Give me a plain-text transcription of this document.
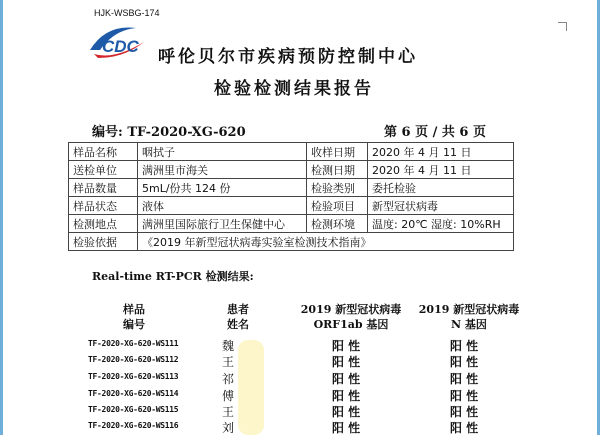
HJK-WSBG-174
CDC
呼伦贝尔市疾病预防控制中心
检验检测结果报告
编号: TF-2020-XG-620	第 6 页 / 共 6 页
样品名称	咽拭子	收样日期	2020 年 4 月 11 日
送检单位	满洲里市海关	检测日期	2020 年 4 月 11 日
样品数量	5mL/份共 124 份	检验类别	委托检验
样品状态	液体	检验项目	新型冠状病毒
检测地点	满洲里国际旅行卫生保健中心	检测环境	温度: 20℃ 湿度: 10%RH
检验依据	《2019 年新型冠状病毒实验室检测技术指南》		
Real-time RT-PCR 检测结果:
样品
编号
患者
姓名
2019 新型冠状病毒
ORF1ab 基因
2019 新型冠状病毒
N 基因
TF-2020-XG-620-WS111	魏	阳 性	阳 性
TF-2020-XG-620-WS112	王	阳 性	阳 性
TF-2020-XG-620-WS113	祁	阳 性	阳 性
TF-2020-XG-620-WS114	傅	阳 性	阳 性
TF-2020-XG-620-WS115	王	阳 性	阳 性
TF-2020-XG-620-WS116	刘	阳 性	阳 性
